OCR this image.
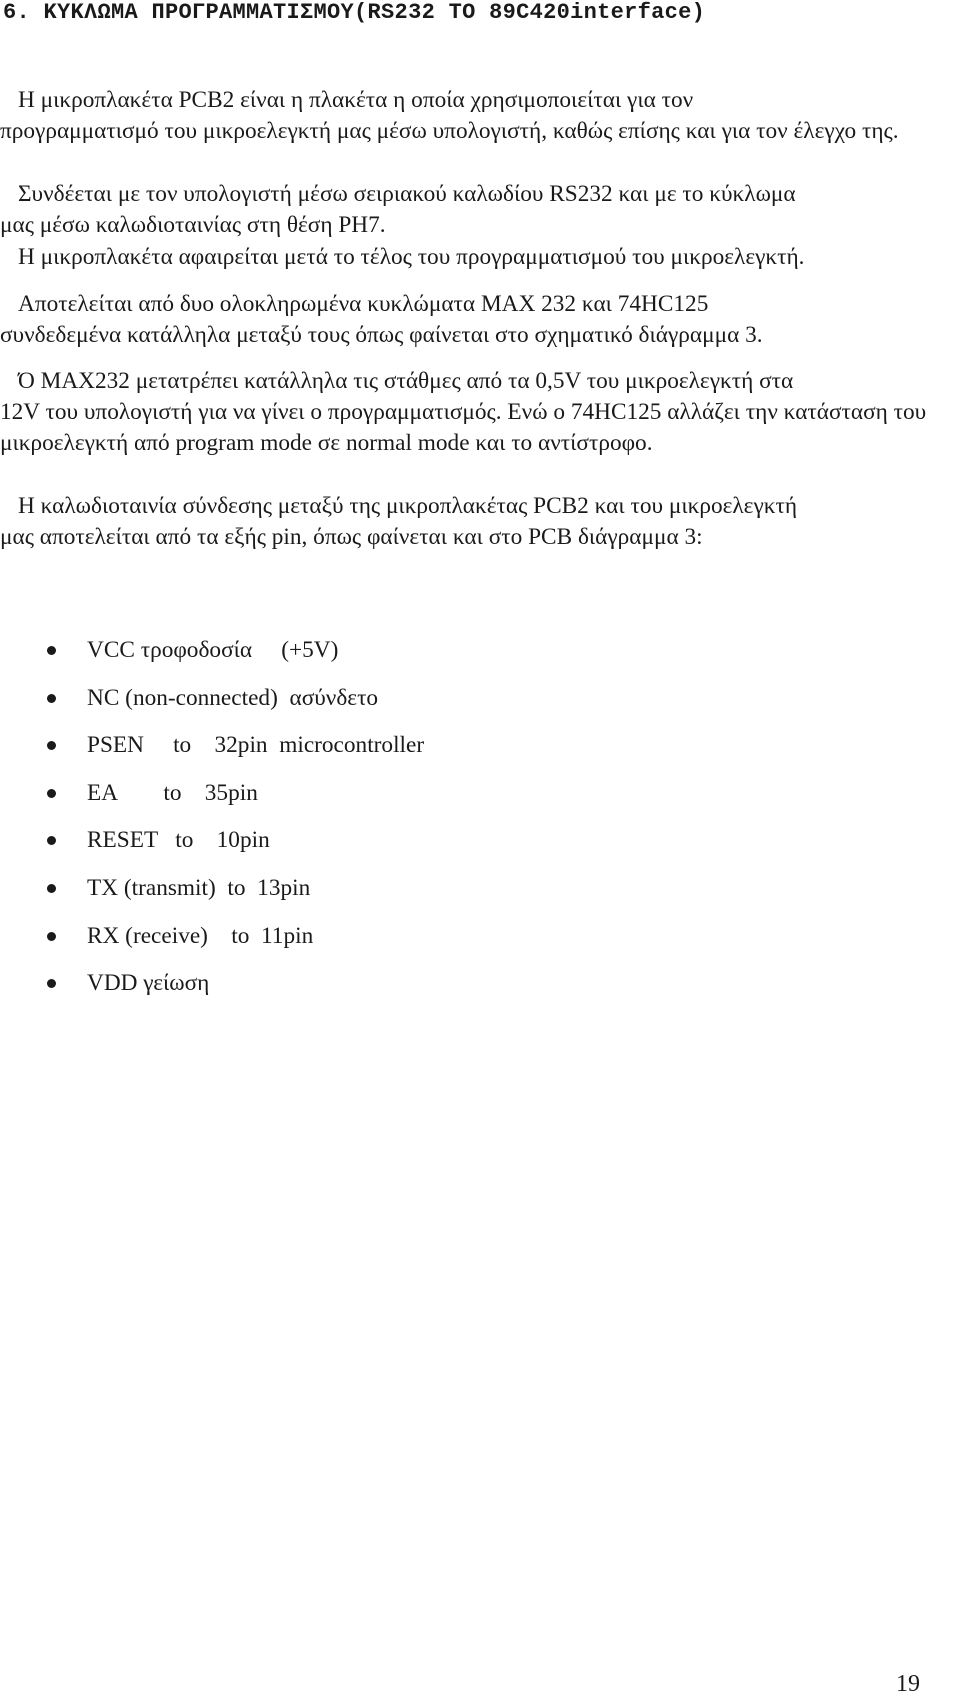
6. ΚΥΚΛΩΜΑ ΠΡΟΓΡΑΜΜΑΤΙΣΜΟΥ(RS232 TO 89C420interface)

Η μικροπλακέτα PCB2 είναι η πλακέτα η οποία χρησιμοποιείται για τον
προγραμματισμό του μικροελεγκτή μας μέσω υπολογιστή, καθώς επίσης και για τον έλεγχο της.

Συνδέεται με τον υπολογιστή μέσω σειριακού καλωδίου RS232 και με το κύκλωμα
μας μέσω καλωδιοταινίας στη θέση PH7.

Η μικροπλακέτα αφαιρείται μετά το τέλος του προγραμματισμού του μικροελεγκτή.

Αποτελείται από δυο ολοκληρωμένα κυκλώματα MAX 232 και 74HC125
συνδεδεμένα κατάλληλα μεταξύ τους όπως φαίνεται στο σχηματικό διάγραμμα 3.

Ό MAX232 μετατρέπει κατάλληλα τις στάθμες από τα 0,5V του μικροελεγκτή στα
12V του υπολογιστή για να γίνει ο προγραμματισμός. Ενώ ο 74HC125 αλλάζει την κατάσταση του μικροελεγκτή από program mode σε normal mode και το αντίστροφο.

Η καλωδιοταινία σύνδεσης μεταξύ της μικροπλακέτας PCB2 και του μικροελεγκτή
μας αποτελείται από τα εξής pin, όπως φαίνεται και στο PCB διάγραμμα 3:

VCC τροφοδοσία     (+5V)
NC (non-connected)  ασύνδετο
PSEN     to    32pin  microcontroller
EA        to    35pin
RESET   to    10pin
TX (transmit)  to  13pin
RX (receive)    to  11pin
VDD γείωση
19
